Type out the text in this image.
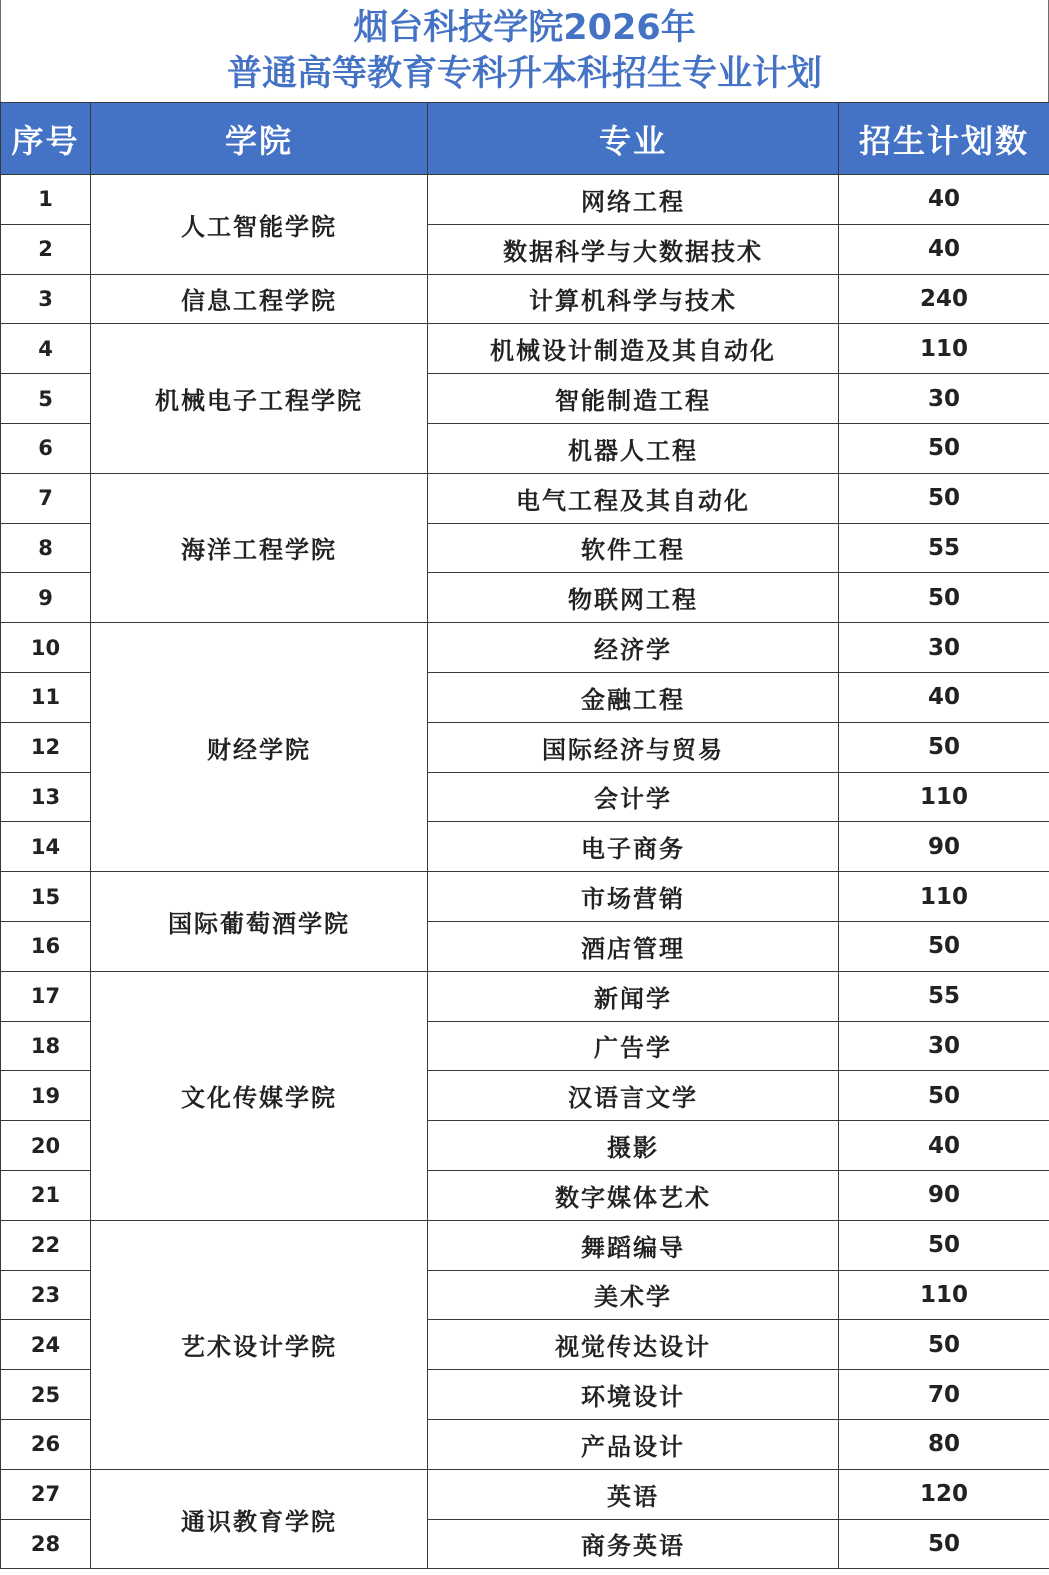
烟台科技学院2026年
普通高等教育专科升本科招生专业计划
序号	学院	专业	招生计划数
1	人工智能学院	网络工程	40
2		数据科学与大数据技术	40
3	信息工程学院	计算机科学与技术	240
4	机械电子工程学院	机械设计制造及其自动化	110
5		智能制造工程	30
6		机器人工程	50
7	海洋工程学院	电气工程及其自动化	50
8		软件工程	55
9		物联网工程	50
10	财经学院	经济学	30
11		金融工程	40
12		国际经济与贸易	50
13		会计学	110
14		电子商务	90
15	国际葡萄酒学院	市场营销	110
16		酒店管理	50
17	文化传媒学院	新闻学	55
18		广告学	30
19		汉语言文学	50
20		摄影	40
21		数字媒体艺术	90
22	艺术设计学院	舞蹈编导	50
23		美术学	110
24		视觉传达设计	50
25		环境设计	70
26		产品设计	80
27	通识教育学院	英语	120
28		商务英语	50
